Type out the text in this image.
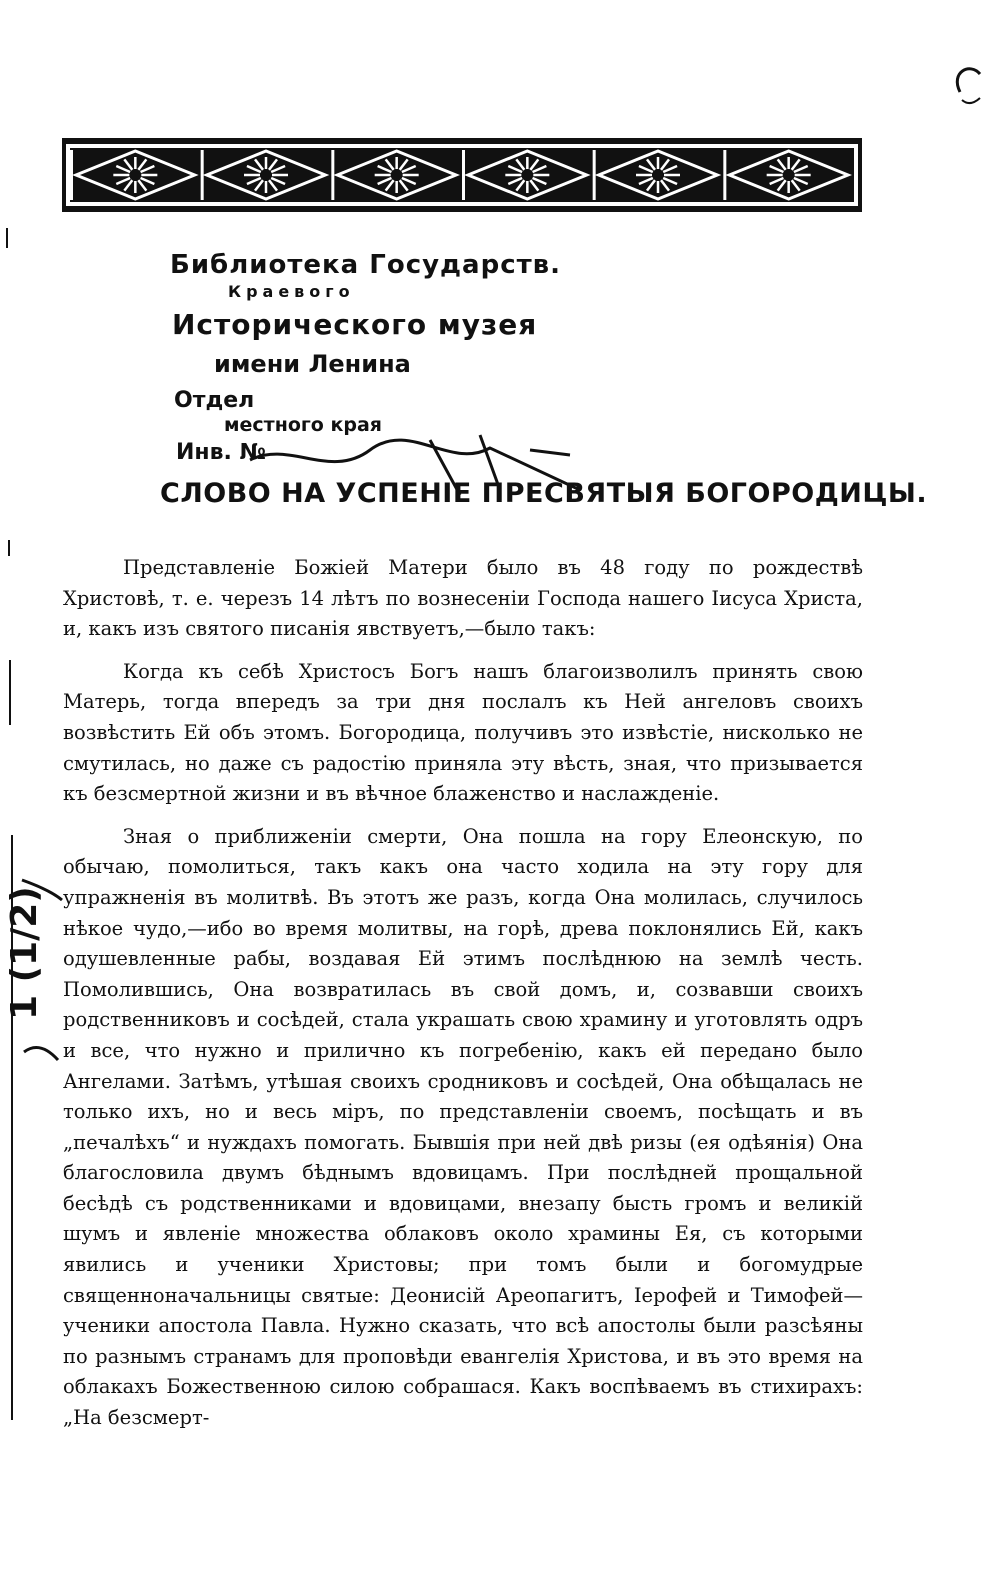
Библиотека Государств.
Краевого
Исторического музея
имени Ленина
Отдел
местного края
Инв. №
СЛОВО НА УСПЕНІЕ ПРЕСВЯТЫЯ БОГОРОДИЦЫ.

Представленіе Божіей Матери было въ 48 году по рождествѣ Христовѣ, т. е. черезъ 14 лѣтъ по вознесеніи Господа нашего Іисуса Христа, и, какъ изъ святого писанія явствуетъ,—было такъ:

Когда къ себѣ Христосъ Богъ нашъ благоизволилъ принять свою Матерь, тогда впередъ за три дня послалъ къ Ней ангеловъ своихъ возвѣстить Ей объ этомъ. Богородица, получивъ это извѣстіе, нисколько не смутилась, но даже съ радостію приняла эту вѣсть, зная, что призывается къ безсмертной жизни и въ вѣчное блаженство и наслажденіе.

Зная о приближеніи смерти, Она пошла на гору Елеонскую, по обычаю, помолиться, такъ какъ она часто ходила на эту гору для упражненія въ молитвѣ. Въ этотъ же разъ, когда Она молилась, случилось нѣкое чудо,—ибо во время молитвы, на горѣ, древа поклонялись Ей, какъ одушевленные рабы, воздавая Ей этимъ послѣднюю на землѣ честь. Помолившись, Она возвратилась въ свой домъ, и, созвавши своихъ родственниковъ и сосѣдей, стала украшать свою храмину и уготовлять одръ и все, что нужно и прилично къ погребенію, какъ ей передано было Ангелами. Затѣмъ, утѣшая своихъ сродниковъ и сосѣдей, Она обѣщалась не только ихъ, но и весь міръ, по представленіи своемъ, посѣщать и въ „печалѣхъ“ и нуждахъ помогать. Бывшія при ней двѣ ризы (ея одѣянія) Она благословила двумъ бѣднымъ вдовицамъ. При послѣдней прощальной бесѣдѣ съ родственниками и вдовицами, внезапу бысть громъ и великій шумъ и явленіе множества облаковъ около храмины Ея, съ которыми явились и ученики Христовы; при томъ были и богомудрые священноначальницы святые: Деонисій Ареопагитъ, Іерофей и Тимофей—ученики апостола Павла. Нужно сказать, что всѣ апостолы были разсѣяны по разнымъ странамъ для проповѣди евангелія Христова, и въ это время на облакахъ Божественною силою собрашася. Какъ воспѣваемъ въ стихирахъ: „На безсмерт-

1 (1/2)
